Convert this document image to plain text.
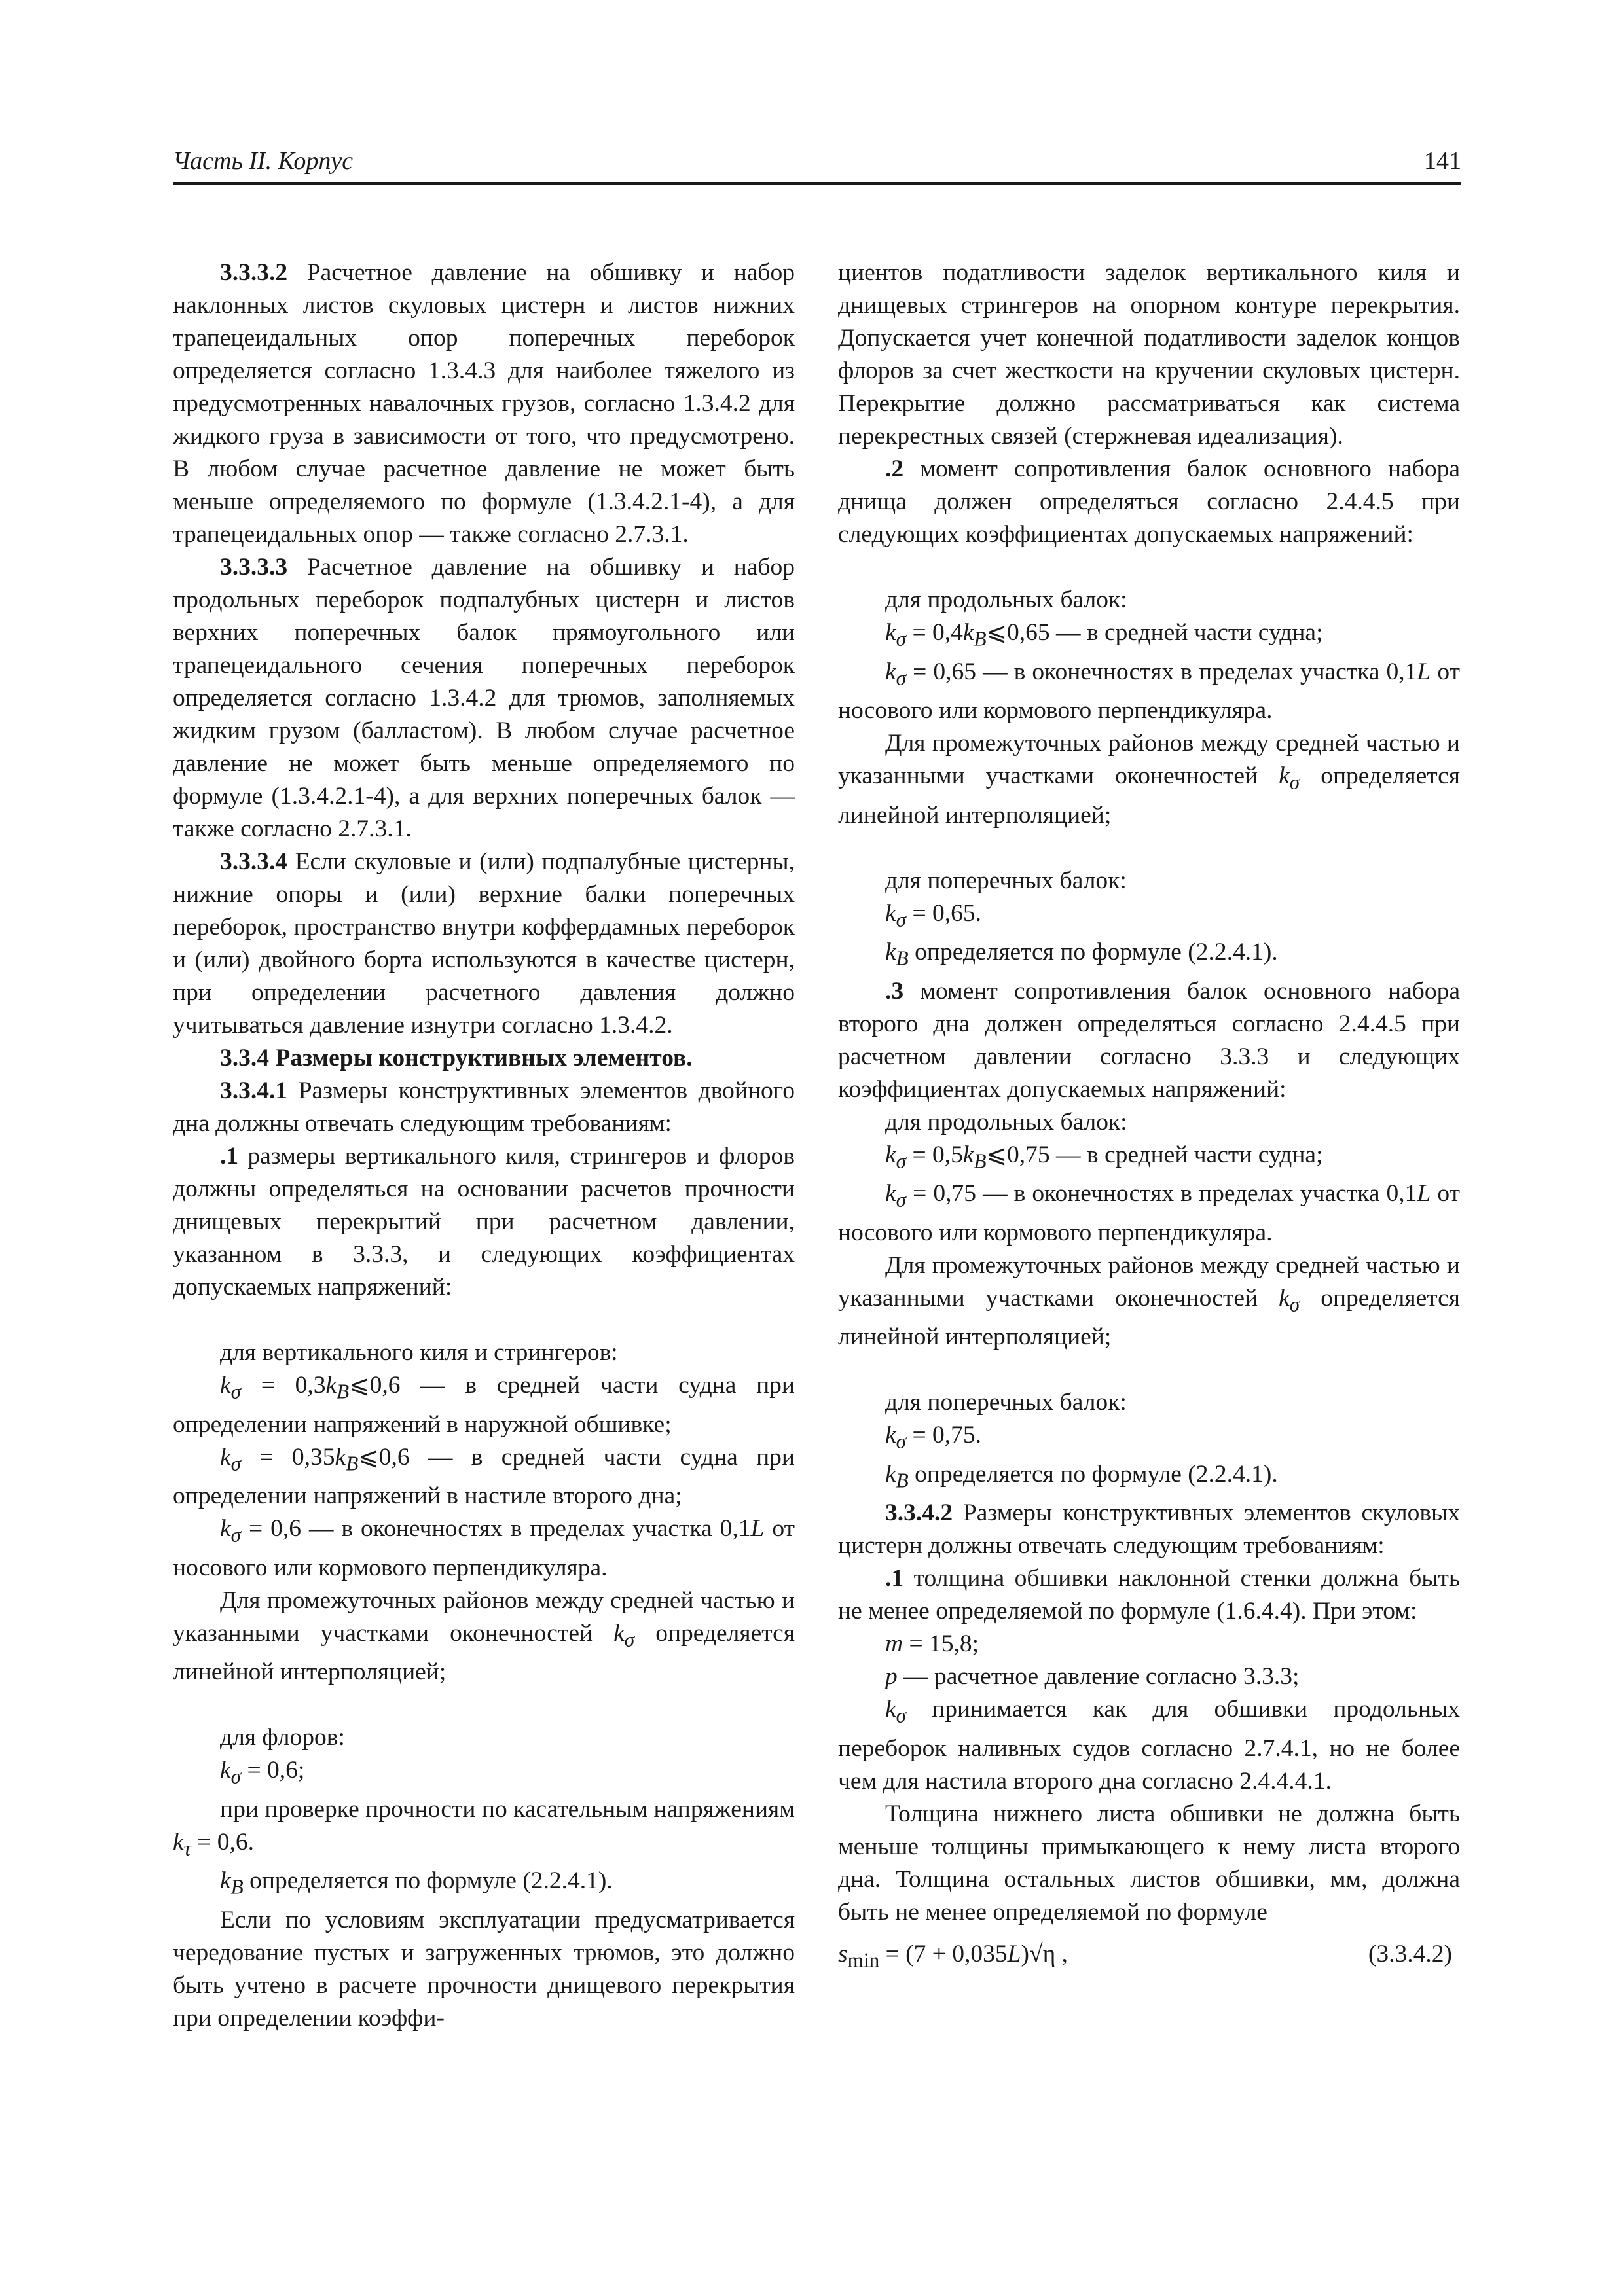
Часть II. Корпус	141

3.3.3.2 Расчетное давление на обшивку и набор наклонных листов скуловых цистерн и листов нижних трапецеидальных опор поперечных переборок определяется согласно 1.3.4.3 для наиболее тяжелого из предусмотренных навалочных грузов, согласно 1.3.4.2 для жидкого груза в зависимости от того, что предусмотрено. В любом случае расчетное давление не может быть меньше определяемого по формуле (1.3.4.2.1-4), а для трапецеидальных опор — также согласно 2.7.3.1.

3.3.3.3 Расчетное давление на обшивку и набор продольных переборок подпалубных цистерн и листов верхних поперечных балок прямоугольного или трапецеидального сечения поперечных переборок определяется согласно 1.3.4.2 для трюмов, заполняемых жидким грузом (балластом). В любом случае расчетное давление не может быть меньше определяемого по формуле (1.3.4.2.1-4), а для верхних поперечных балок — также согласно 2.7.3.1.

3.3.3.4 Если скуловые и (или) подпалубные цистерны, нижние опоры и (или) верхние балки поперечных переборок, пространство внутри коффердамных переборок и (или) двойного борта используются в качестве цистерн, при определении расчетного давления должно учитываться давление изнутри согласно 1.3.4.2.

3.3.4 Размеры конструктивных элементов.

3.3.4.1 Размеры конструктивных элементов двойного дна должны отвечать следующим требованиям:

.1 размеры вертикального киля, стрингеров и флоров должны определяться на основании расчетов прочности днищевых перекрытий при расчетном давлении, указанном в 3.3.3, и следующих коэффициентах допускаемых напряжений:

для вертикального киля и стрингеров:

$k_\sigma$ = $0,3k_B⩽0,6$ — в средней части судна при определении напряжений в наружной обшивке;

$k_\sigma$ = $0,35k_B⩽0,6$ — в средней части судна при определении напряжений в настиле второго дна;

$k_\sigma = 0,6$ — в оконечностях в пределах участка 0,1L от носового или кормового перпендикуляра.

Для промежуточных районов между средней частью и указанными участками оконечностей $k_\sigma$ определяется линейной интерполяцией;

для флоров:

$k_\sigma = 0,6$;

при проверке прочности по касательным напряжениям $k_\tau = 0,6$.

$k_B$ определяется по формуле (2.2.4.1).

Если по условиям эксплуатации предусматривается чередование пустых и загруженных трюмов, это должно быть учтено в расчете прочности днищевого перекрытия при определении коэффи-

циентов податливости заделок вертикального киля и днищевых стрингеров на опорном контуре перекрытия. Допускается учет конечной податливости заделок концов флоров за счет жесткости на кручении скуловых цистерн. Перекрытие должно рассматриваться как система перекрестных связей (стержневая идеализация).

.2 момент сопротивления балок основного набора днища должен определяться согласно 2.4.4.5 при следующих коэффициентах допускаемых напряжений:

для продольных балок:

$k_\sigma$ = $0,4k_B⩽0,65$ — в средней части судна;

$k_\sigma = 0,65$ — в оконечностях в пределах участка 0,1L от носового или кормового перпендикуляра.

Для промежуточных районов между средней частью и указанными участками оконечностей $k_\sigma$ определяется линейной интерполяцией;

для поперечных балок:

$k_\sigma = 0,65$.

$k_B$ определяется по формуле (2.2.4.1).

.3 момент сопротивления балок основного набора второго дна должен определяться согласно 2.4.4.5 при расчетном давлении согласно 3.3.3 и следующих коэффициентах допускаемых напряжений:

для продольных балок:

$k_\sigma$ = $0,5k_B⩽0,75$ — в средней части судна;

$k_\sigma = 0,75$ — в оконечностях в пределах участка 0,1L от носового или кормового перпендикуляра.

Для промежуточных районов между средней частью и указанными участками оконечностей $k_\sigma$ определяется линейной интерполяцией;

для поперечных балок:

$k_\sigma = 0,75$.

$k_B$ определяется по формуле (2.2.4.1).

3.3.4.2 Размеры конструктивных элементов скуловых цистерн должны отвечать следующим требованиям:

.1 толщина обшивки наклонной стенки должна быть не менее определяемой по формуле (1.6.4.4). При этом:

m = 15,8;

p — расчетное давление согласно 3.3.3;

$k_\sigma$ принимается как для обшивки продольных переборок наливных судов согласно 2.7.4.1, но не более чем для настила второго дна согласно 2.4.4.4.1.

Толщина нижнего листа обшивки не должна быть меньше толщины примыкающего к нему листа второго дна. Толщина остальных листов обшивки, мм, должна быть не менее определяемой по формуле

$s_{min} = (7 + 0,035L)√\eta$ ,	(3.3.4.2)
